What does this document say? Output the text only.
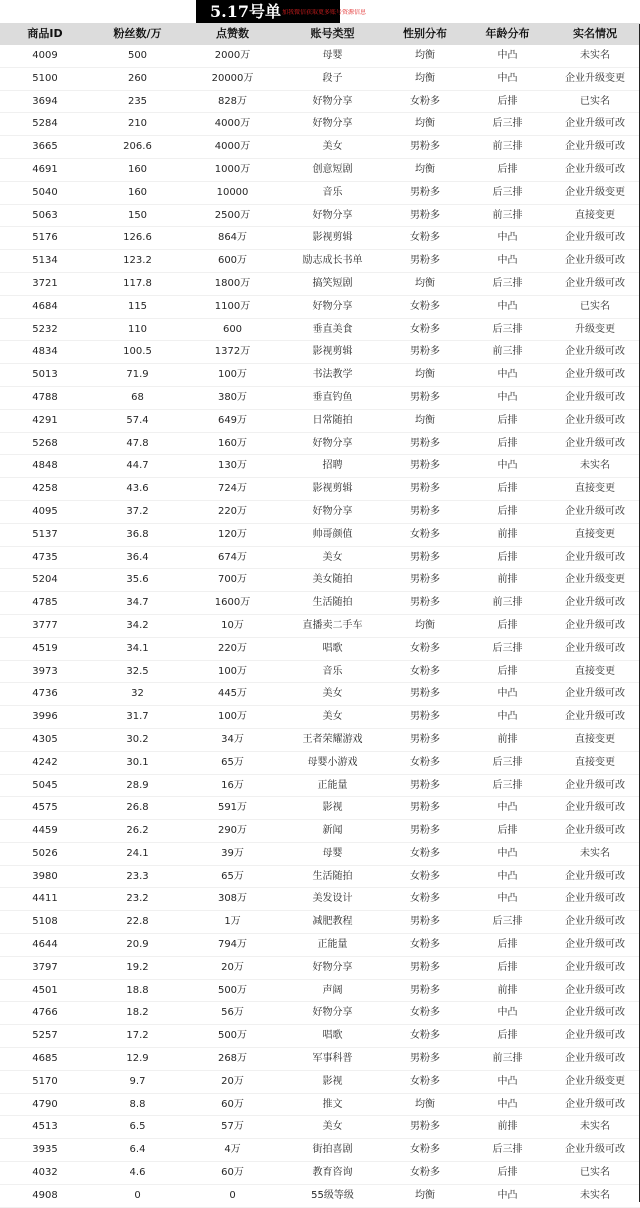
5.17号单 加我微信获取更多账号资源信息
商品ID	粉丝数/万	点赞数	账号类型	性别分布	年龄分布	实名情况
4009	500	2000万	母婴	均衡	中凸	未实名
5100	260	20000万	段子	均衡	中凸	企业升级变更
3694	235	828万	好物分享	女粉多	后排	已实名
5284	210	4000万	好物分享	均衡	后三排	企业升级可改
3665	206.6	4000万	美女	男粉多	前三排	企业升级可改
4691	160	1000万	创意短剧	均衡	后排	企业升级可改
5040	160	10000	音乐	男粉多	后三排	企业升级变更
5063	150	2500万	好物分享	男粉多	前三排	直接变更
5176	126.6	864万	影视剪辑	女粉多	中凸	企业升级可改
5134	123.2	600万	励志成长书单	男粉多	中凸	企业升级可改
3721	117.8	1800万	搞笑短剧	均衡	后三排	企业升级可改
4684	115	1100万	好物分享	女粉多	中凸	已实名
5232	110	600	垂直美食	女粉多	后三排	升级变更
4834	100.5	1372万	影视剪辑	男粉多	前三排	企业升级可改
5013	71.9	100万	书法教学	均衡	中凸	企业升级可改
4788	68	380万	垂直钓鱼	男粉多	中凸	企业升级可改
4291	57.4	649万	日常随拍	均衡	后排	企业升级可改
5268	47.8	160万	好物分享	男粉多	后排	企业升级可改
4848	44.7	130万	招聘	男粉多	中凸	未实名
4258	43.6	724万	影视剪辑	男粉多	后排	直接变更
4095	37.2	220万	好物分享	男粉多	后排	企业升级可改
5137	36.8	120万	帅哥颜值	女粉多	前排	直接变更
4735	36.4	674万	美女	男粉多	后排	企业升级可改
5204	35.6	700万	美女随拍	男粉多	前排	企业升级变更
4785	34.7	1600万	生活随拍	男粉多	前三排	企业升级可改
3777	34.2	10万	直播卖二手车	均衡	后排	企业升级可改
4519	34.1	220万	唱歌	女粉多	后三排	企业升级可改
3973	32.5	100万	音乐	女粉多	后排	直接变更
4736	32	445万	美女	男粉多	中凸	企业升级可改
3996	31.7	100万	美女	男粉多	中凸	企业升级可改
4305	30.2	34万	王者荣耀游戏	男粉多	前排	直接变更
4242	30.1	65万	母婴小游戏	女粉多	后三排	直接变更
5045	28.9	16万	正能量	男粉多	后三排	企业升级可改
4575	26.8	591万	影视	男粉多	中凸	企业升级可改
4459	26.2	290万	新闻	男粉多	后排	企业升级可改
5026	24.1	39万	母婴	女粉多	中凸	未实名
3980	23.3	65万	生活随拍	女粉多	中凸	企业升级可改
4411	23.2	308万	美发设计	女粉多	中凸	企业升级可改
5108	22.8	1万	减肥教程	男粉多	后三排	企业升级可改
4644	20.9	794万	正能量	女粉多	后排	企业升级可改
3797	19.2	20万	好物分享	男粉多	后排	企业升级可改
4501	18.8	500万	声阔	男粉多	前排	企业升级可改
4766	18.2	56万	好物分享	女粉多	中凸	企业升级可改
5257	17.2	500万	唱歌	女粉多	后排	企业升级可改
4685	12.9	268万	军事科普	男粉多	前三排	企业升级可改
5170	9.7	20万	影视	女粉多	中凸	企业升级变更
4790	8.8	60万	推文	均衡	中凸	企业升级可改
4513	6.5	57万	美女	男粉多	前排	未实名
3935	6.4	4万	街拍喜剧	女粉多	后三排	企业升级可改
4032	4.6	60万	教育咨询	女粉多	后排	已实名
4908	0	0	55级等级	均衡	中凸	未实名
